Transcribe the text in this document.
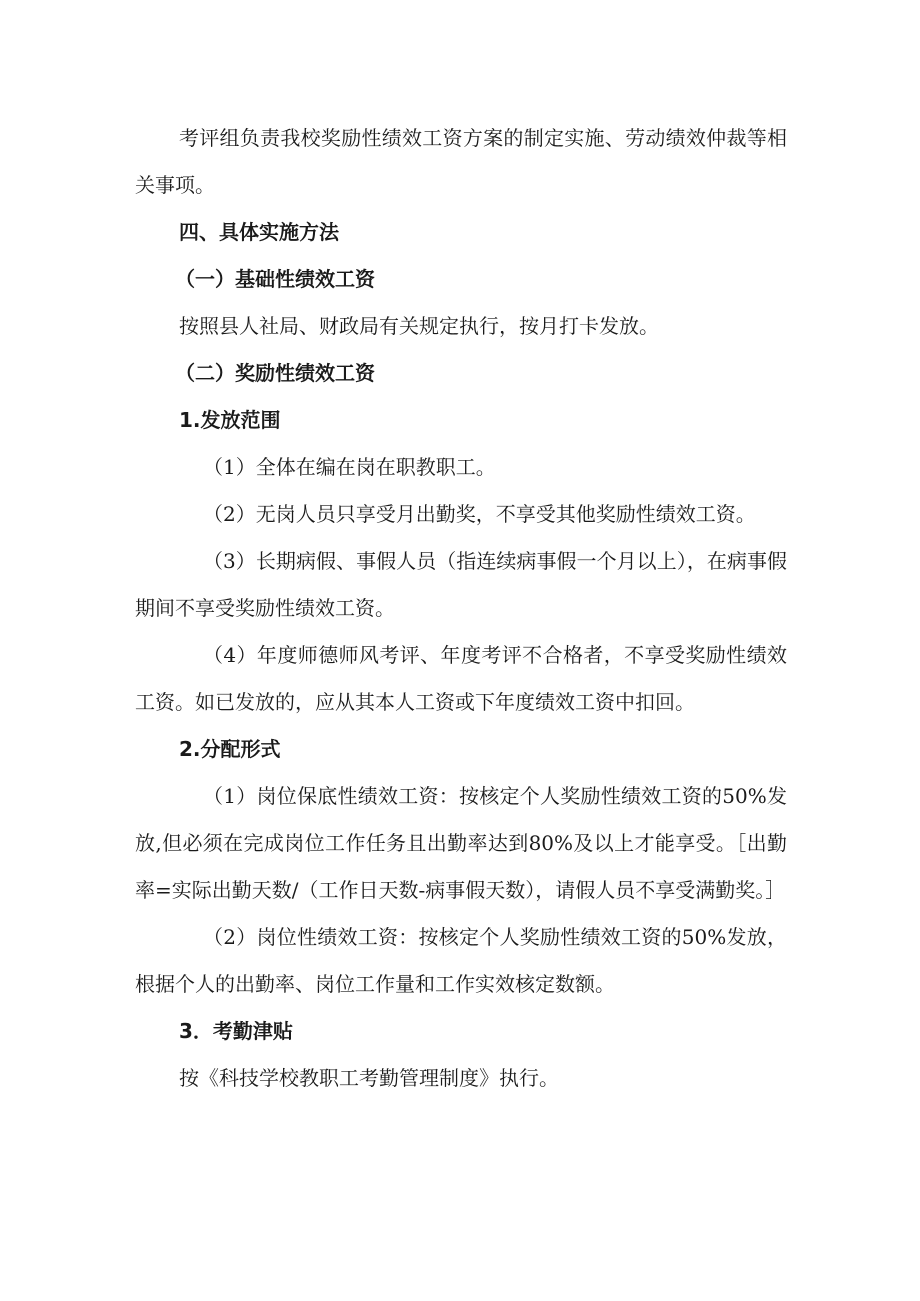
考评组负责我校奖励性绩效工资方案的制定实施、劳动绩效仲裁等相关事项。

四、具体实施方法

（一）基础性绩效工资

按照县人社局、财政局有关规定执行，按月打卡发放。

（二）奖励性绩效工资

1.发放范围

（1）全体在编在岗在职教职工。

（2）无岗人员只享受月出勤奖，不享受其他奖励性绩效工资。

（3）长期病假、事假人员（指连续病事假一个月以上），在病事假期间不享受奖励性绩效工资。

（4）年度师德师风考评、年度考评不合格者，不享受奖励性绩效工资。如已发放的，应从其本人工资或下年度绩效工资中扣回。

2.分配形式

（1）岗位保底性绩效工资：按核定个人奖励性绩效工资的50%发放,但必须在完成岗位工作任务且出勤率达到80%及以上才能享受。［出勤率=实际出勤天数/（工作日天数-病事假天数），请假人员不享受满勤奖。］

（2）岗位性绩效工资：按核定个人奖励性绩效工资的50%发放，根据个人的出勤率、岗位工作量和工作实效核定数额。

3．考勤津贴

按《科技学校教职工考勤管理制度》执行。
